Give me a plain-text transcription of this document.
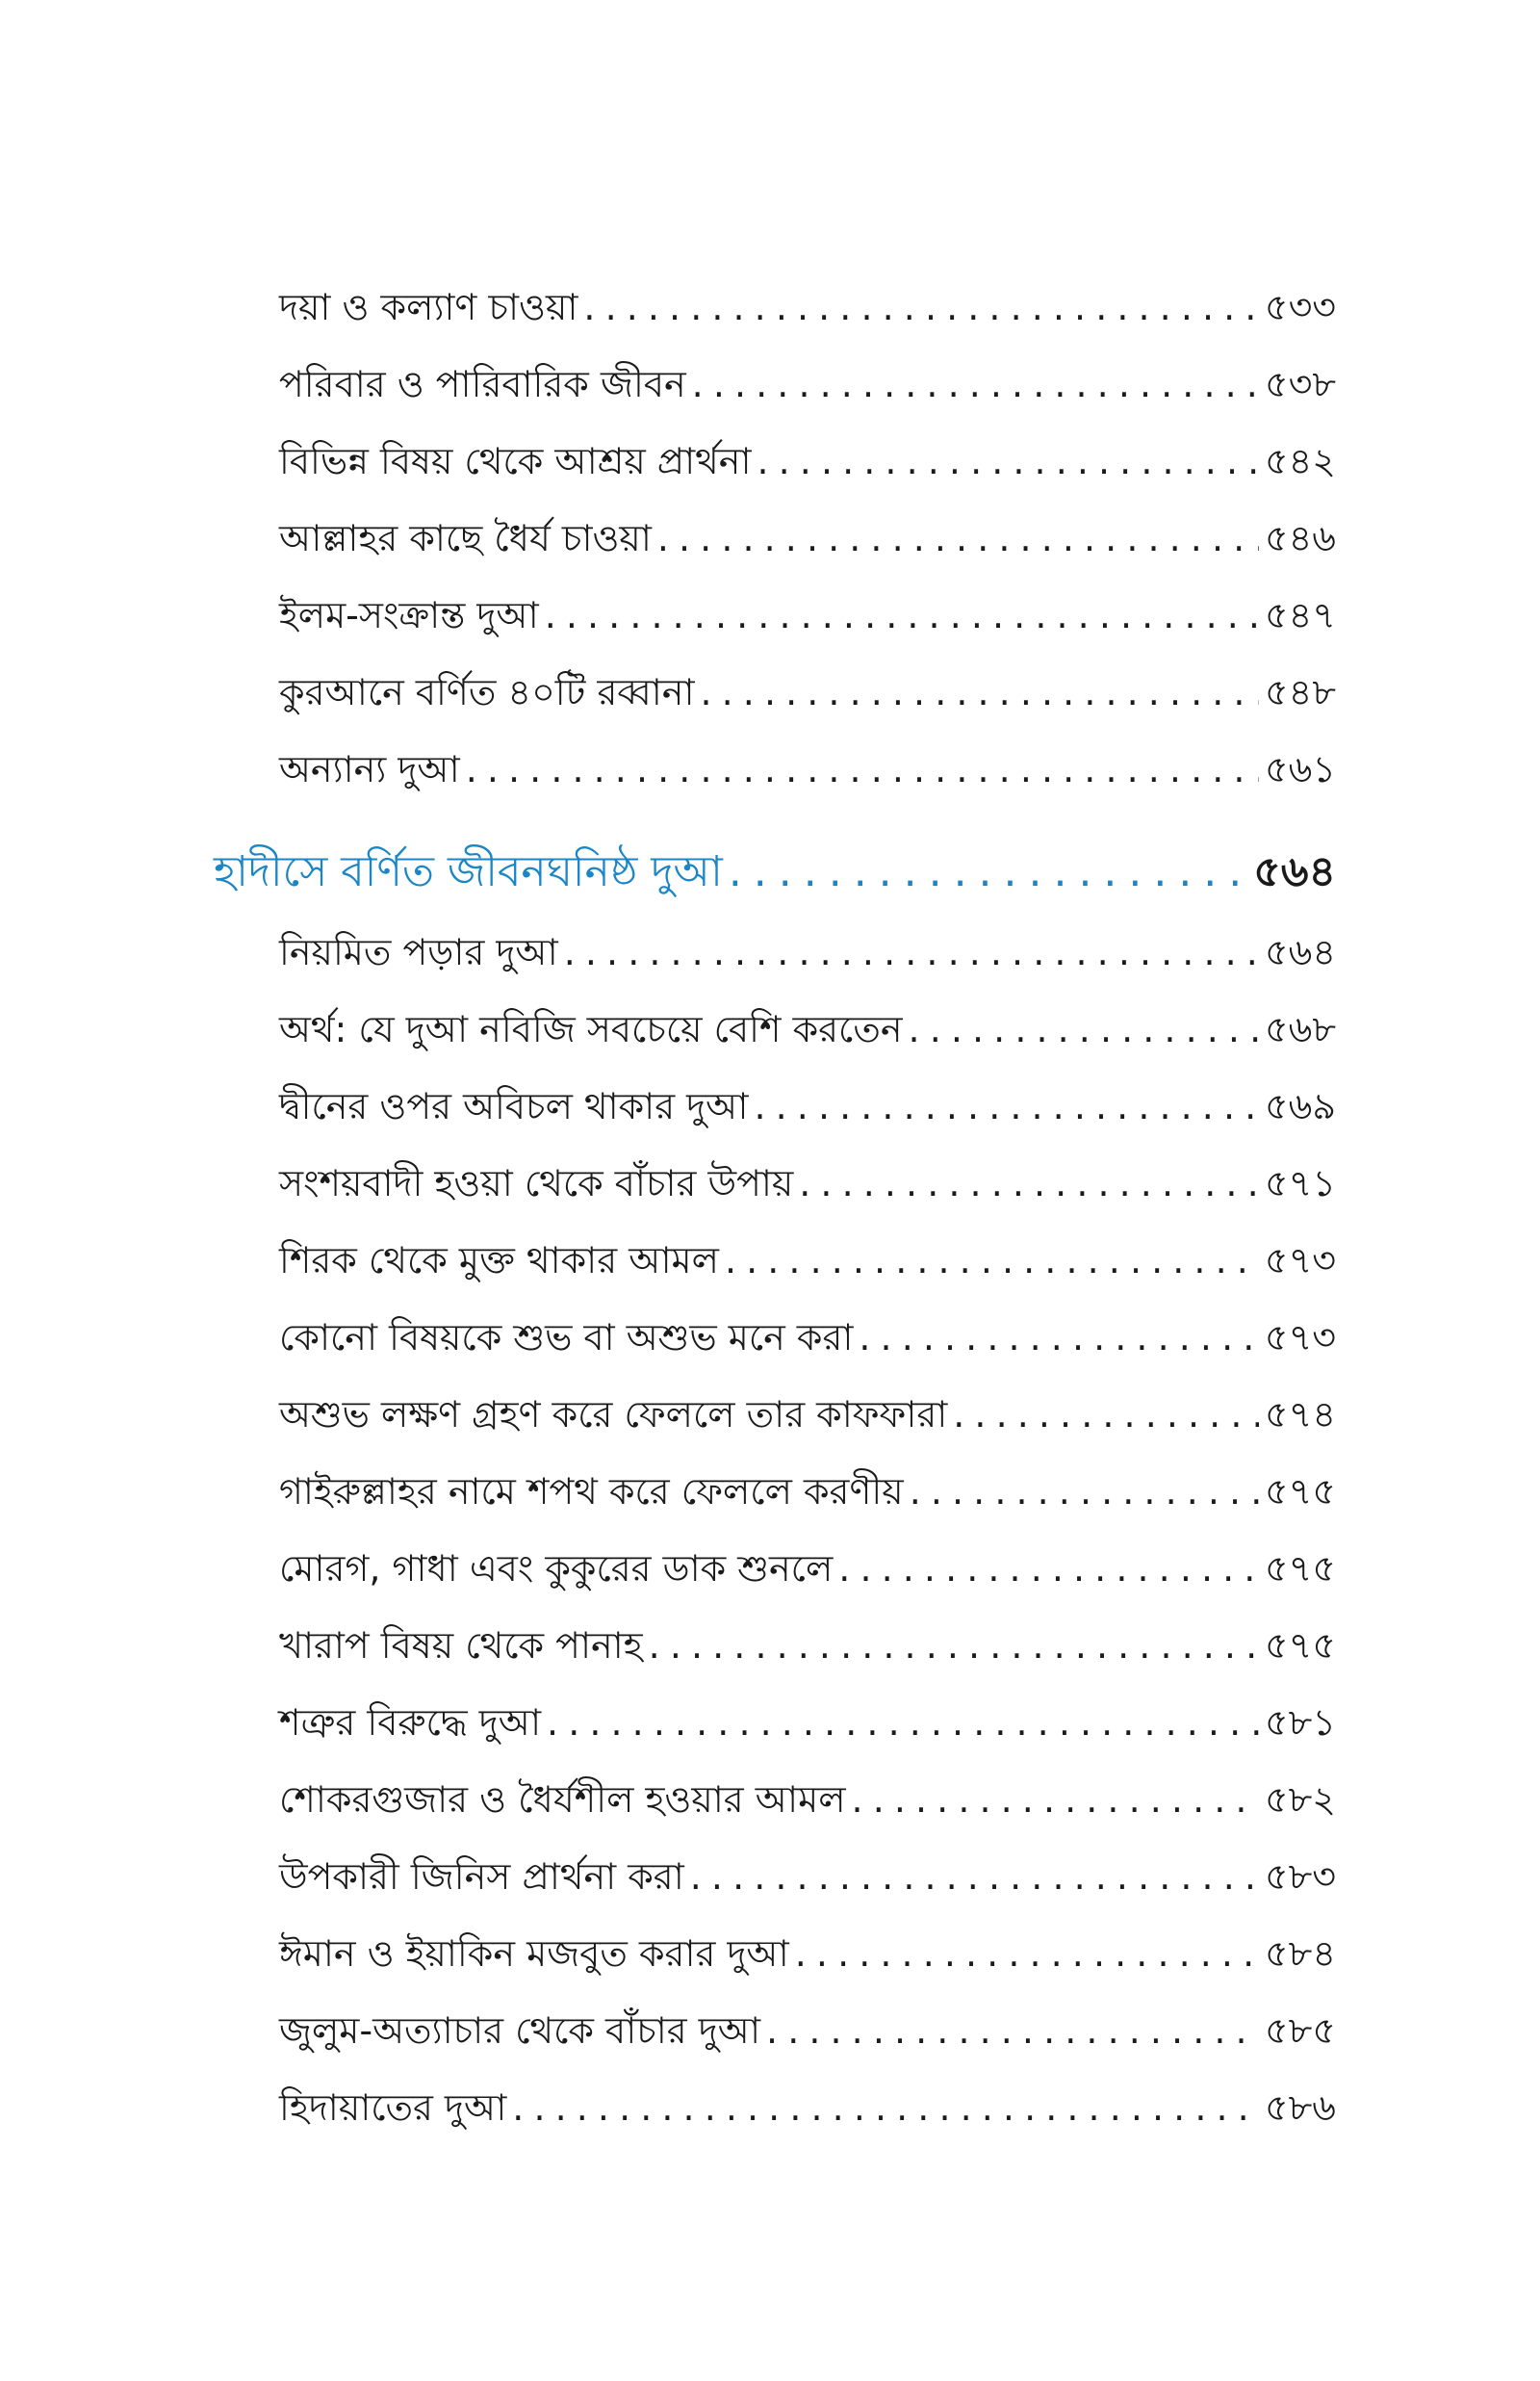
দয়া ও কল্যাণ চাওয়া . . .	৫৩৩
পরিবার ও পারিবারিক জীবন . . .	৫৩৮
বিভিন্ন বিষয় থেকে আশ্রয় প্রার্থনা . . .	৫৪২
আল্লাহর কাছে ধৈর্য চাওয়া . . .	৫৪৬
ইলম-সংক্রান্ত দুআ . . .	৫৪৭
কুরআনে বর্ণিত ৪০টি রব্বানা . . .	৫৪৮
অন্যান্য দুআ . . .	৫৬১
হাদীসে বর্ণিত জীবনঘনিষ্ঠ দুআ . . .	৫৬৪
নিয়মিত পড়ার দুআ . . .	৫৬৪
অর্থ: যে দুআ নবিজি সবচেয়ে বেশি করতেন . . .	৫৬৮
দ্বীনের ওপর অবিচল থাকার দুআ . . .	৫৬৯
সংশয়বাদী হওয়া থেকে বাঁচার উপায় . . .	৫৭১
শিরক থেকে মুক্ত থাকার আমল . . .	৫৭৩
কোনো বিষয়কে শুভ বা অশুভ মনে করা . . .	৫৭৩
অশুভ লক্ষণ গ্রহণ করে ফেললে তার কাফফারা . . .	৫৭৪
গাইরুল্লাহর নামে শপথ করে ফেললে করণীয় . . .	৫৭৫
মোরগ, গাধা এবং কুকুরের ডাক শুনলে . . .	৫৭৫
খারাপ বিষয় থেকে পানাহ . . .	৫৭৫
শত্রুর বিরুদ্ধে দুআ . . .	৫৮১
শোকরগুজার ও ধৈর্যশীল হওয়ার আমল . . .	৫৮২
উপকারী জিনিস প্রার্থনা করা . . .	৫৮৩
ঈমান ও ইয়াকিন মজবুত করার দুআ . . .	৫৮৪
জুলুম-অত্যাচার থেকে বাঁচার দুআ . . .	৫৮৫
হিদায়াতের দুআ . . .	৫৮৬
